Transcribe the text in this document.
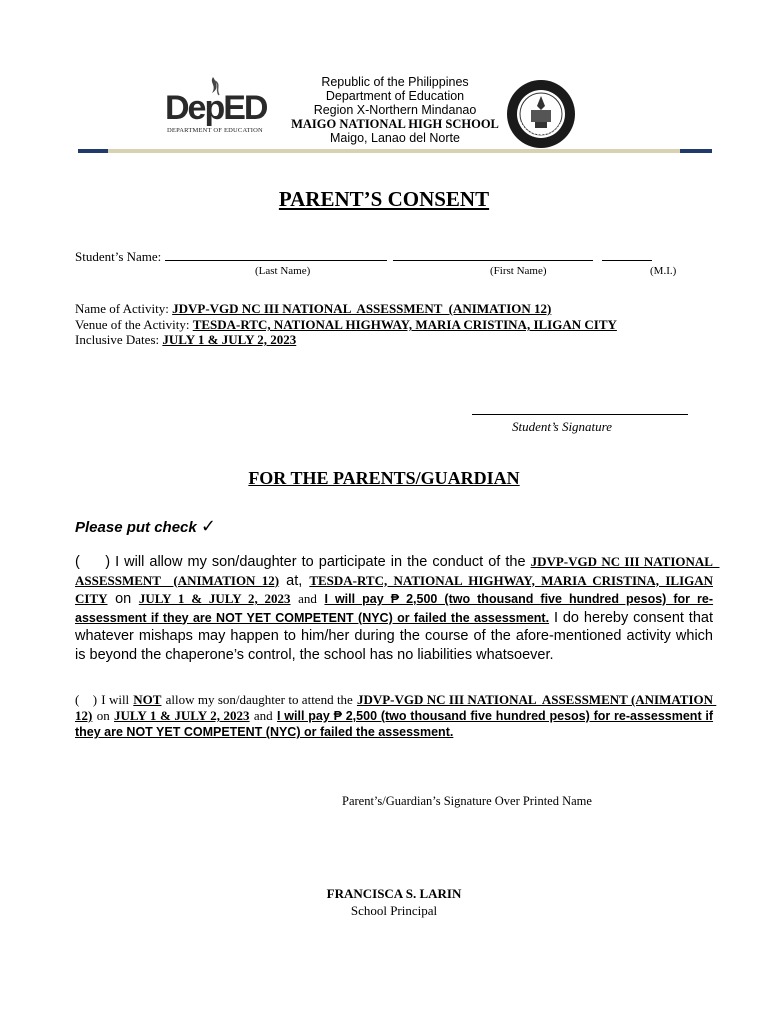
DepED
DEPARTMENT OF EDUCATION
Republic of the Philippines
Department of Education
Region X-Northern Mindanao
MAIGO NATIONAL HIGH SCHOOL
Maigo, Lanao del Norte
PARENT’S CONSENT
Student’s Name:
(Last Name)	(First Name)	(M.I.)
Name of Activity: JDVP-VGD NC III NATIONAL  ASSESSMENT  (ANIMATION 12)
Venue of the Activity: TESDA-RTC, NATIONAL HIGHWAY, MARIA CRISTINA, ILIGAN CITY
Inclusive Dates: JULY 1 & JULY 2, 2023
Student’s Signature
FOR THE PARENTS/GUARDIAN
Please put check ✓
(     ) I will allow my son/daughter to participate in the conduct of the JDVP-VGD NC III NATIONAL  ASSESSMENT  (ANIMATION 12) at, TESDA-RTC, NATIONAL HIGHWAY, MARIA CRISTINA, ILIGAN CITY on JULY 1 & JULY 2, 2023 and I will pay ₱ 2,500 (two thousand five hundred pesos) for re-assessment if they are NOT YET COMPETENT (NYC) or failed the assessment. I do hereby consent that whatever mishaps may happen to him/her during the course of the afore-mentioned activity which is beyond the chaperone’s control, the school has no liabilities whatsoever.
(    ) I will NOT allow my son/daughter to attend the JDVP-VGD NC III NATIONAL  ASSESSMENT (ANIMATION 12) on JULY 1 & JULY 2, 2023 and I will pay ₱ 2,500 (two thousand five hundred pesos) for re-assessment if they are NOT YET COMPETENT (NYC) or failed the assessment.
Parent’s/Guardian’s Signature Over Printed Name
FRANCISCA S. LARIN
School Principal
